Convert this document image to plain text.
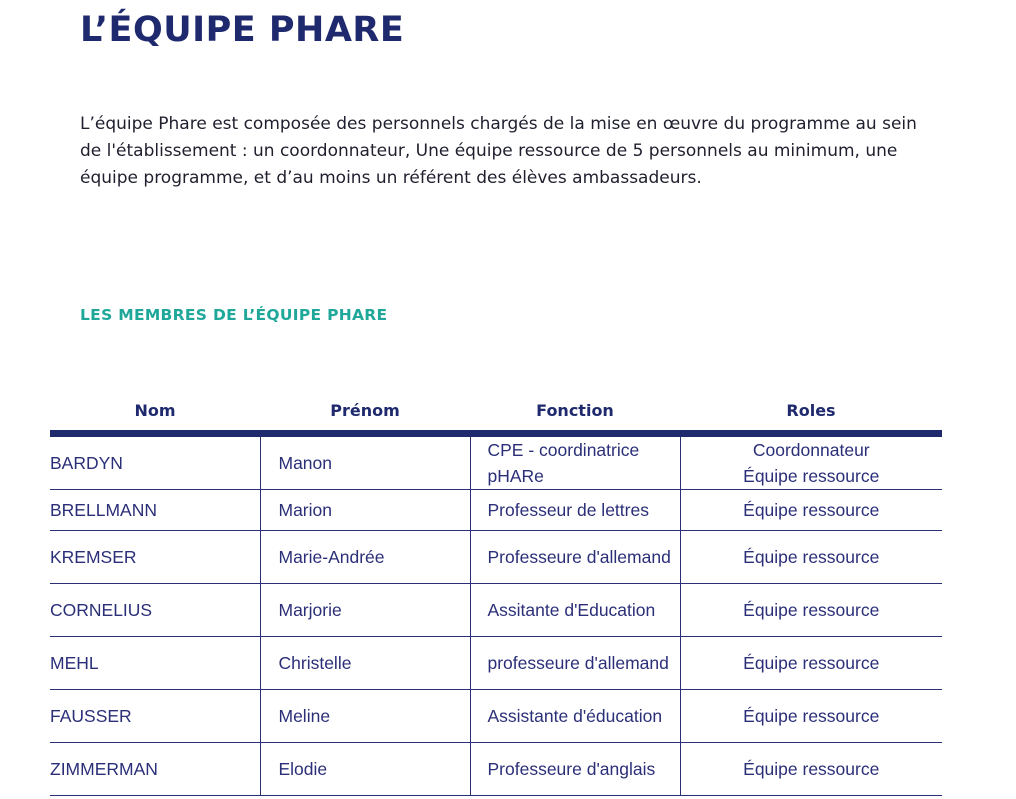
L’ÉQUIPE PHARE

L’équipe Phare est composée des personnels chargés de la mise en œuvre du programme au sein de l'établissement : un coordonnateur, Une équipe ressource de 5 personnels au minimum, une équipe programme, et d’au moins un référent des élèves ambassadeurs.

LES MEMBRES DE L’ÉQUIPE PHARE
Nom	Prénom	Fonction	Roles
BARDYN	Manon	CPE - coordinatrice pHARe	Coordonnateur
Équipe ressource

BRELLMANN	Marion	Professeur de lettres	Équipe ressource

KREMSER	Marie-Andrée	Professeure d'allemand	Équipe ressource

CORNELIUS	Marjorie	Assitante d'Education	Équipe ressource

MEHL	Christelle	professeure d'allemand	Équipe ressource

FAUSSER	Meline	Assistante d'éducation	Équipe ressource

ZIMMERMAN	Elodie	Professeure d'anglais	Équipe ressource
